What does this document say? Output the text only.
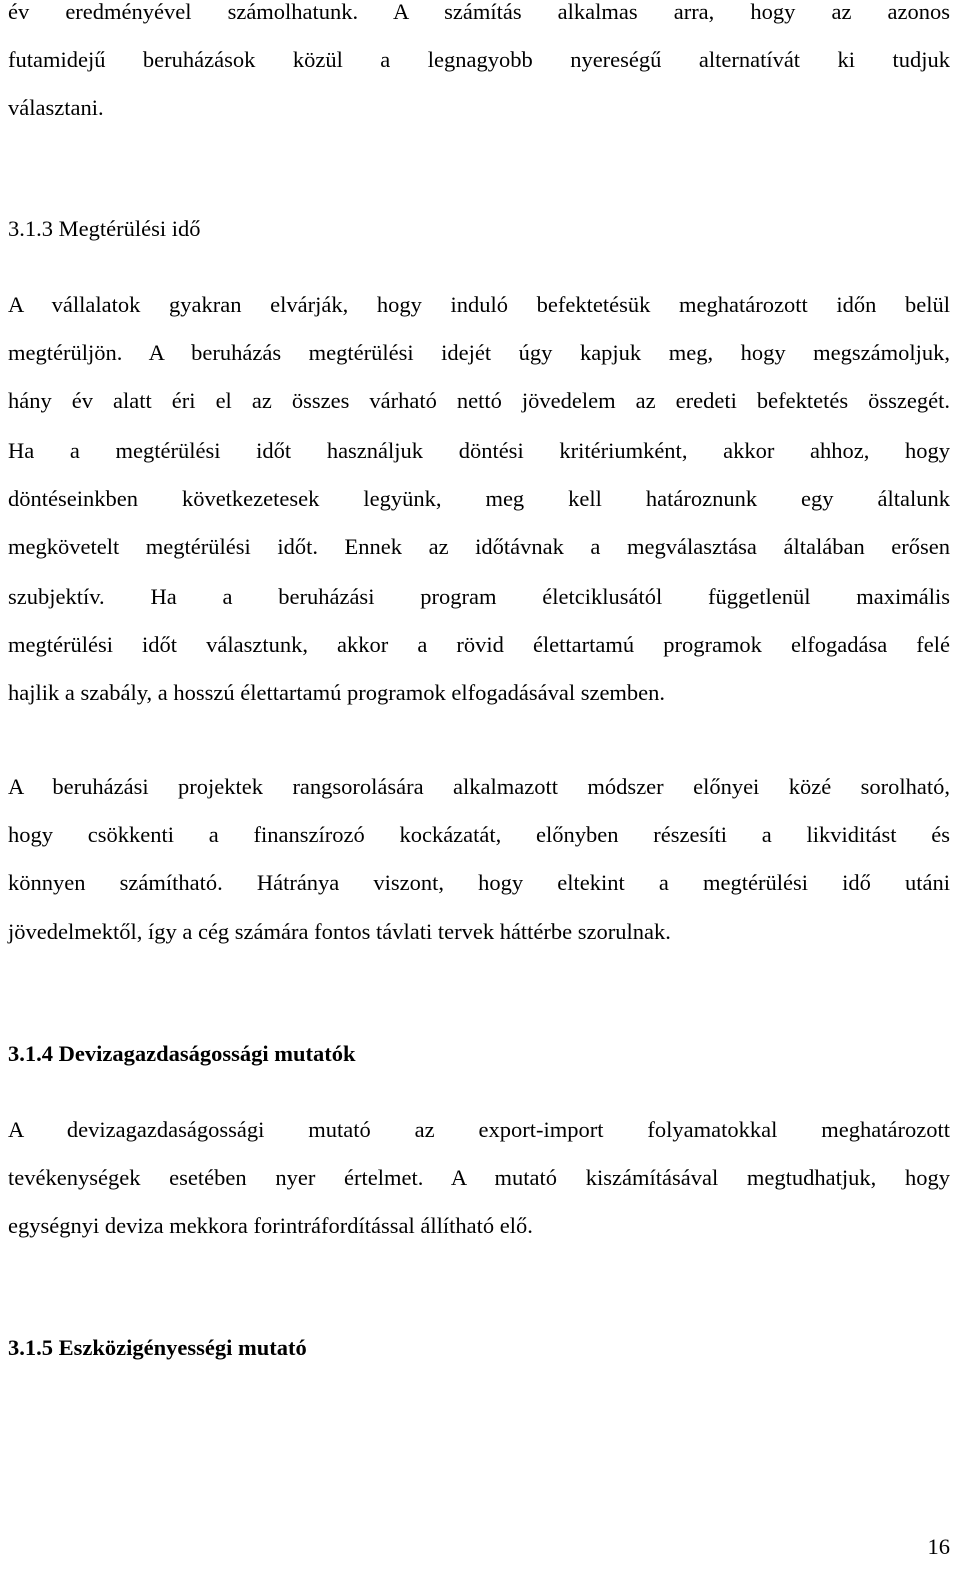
év eredményével számolhatunk. A számítás alkalmas arra, hogy az azonos
futamidejű beruházások közül a legnagyobb nyereségű alternatívát ki tudjuk
választani.
3.1.3 Megtérülési idő
A vállalatok gyakran elvárják, hogy induló befektetésük meghatározott időn belül
megtérüljön. A beruházás megtérülési idejét úgy kapjuk meg, hogy megszámoljuk,
hány év alatt éri el az összes várható nettó jövedelem az eredeti befektetés összegét.
Ha a megtérülési időt használjuk döntési kritériumként, akkor ahhoz, hogy
döntéseinkben következetesek legyünk, meg kell határoznunk egy általunk
megkövetelt megtérülési időt. Ennek az időtávnak a megválasztása általában erősen
szubjektív. Ha a beruházási program életciklusától függetlenül maximális
megtérülési időt választunk, akkor a rövid élettartamú programok elfogadása felé
hajlik a szabály, a hosszú élettartamú programok elfogadásával szemben.
A beruházási projektek rangsorolására alkalmazott módszer előnyei közé sorolható,
hogy csökkenti a finanszírozó kockázatát, előnyben részesíti a likviditást és
könnyen számítható. Hátránya viszont, hogy eltekint a megtérülési idő utáni
jövedelmektől, így a cég számára fontos távlati tervek háttérbe szorulnak.
3.1.4 Devizagazdaságossági mutatók
A devizagazdaságossági mutató az export-import folyamatokkal meghatározott
tevékenységek esetében nyer értelmet. A mutató kiszámításával megtudhatjuk, hogy
egységnyi deviza mekkora forintráfordítással állítható elő.
3.1.5 Eszközigényességi mutató
16
